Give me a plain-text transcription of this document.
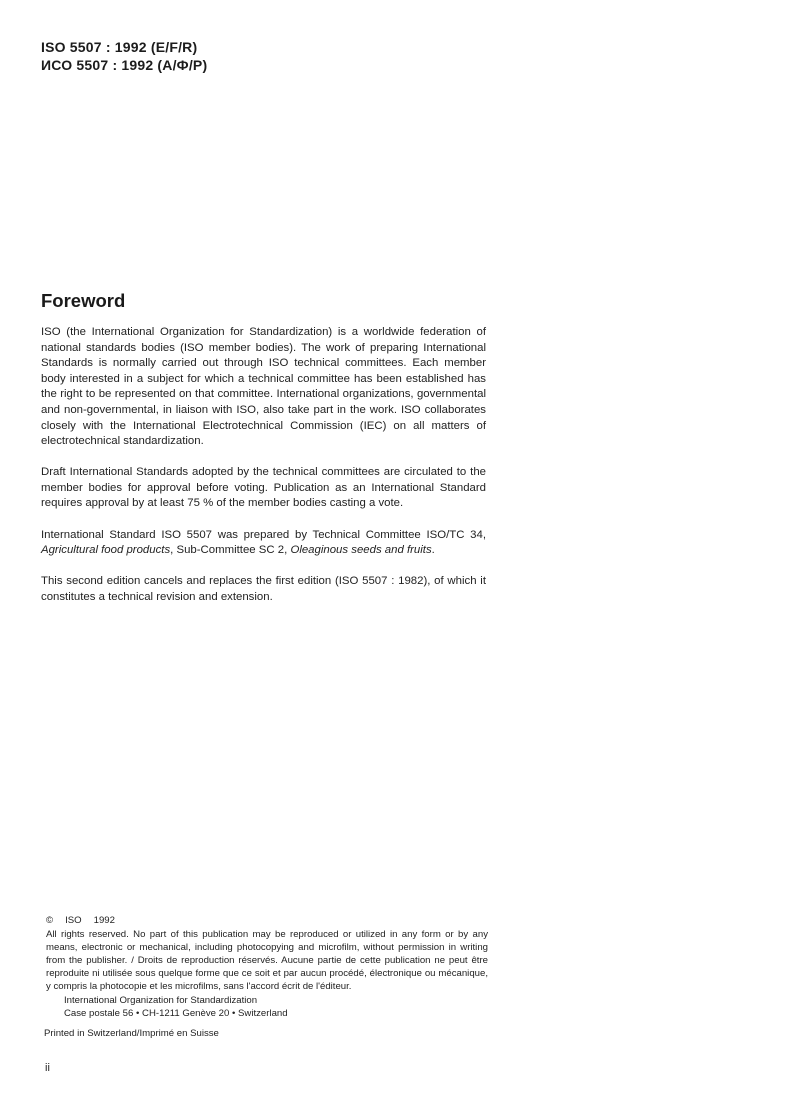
ISO 5507 : 1992 (E/F/R)
ИСО 5507 : 1992 (А/Ф/Р)
Foreword

ISO (the International Organization for Standardization) is a worldwide federation of national standards bodies (ISO member bodies). The work of preparing International Standards is normally carried out through ISO technical committees. Each member body interested in a subject for which a technical committee has been established has the right to be represented on that committee. International organizations, governmental and non-governmental, in liaison with ISO, also take part in the work. ISO collaborates closely with the International Electrotechnical Commission (IEC) on all matters of electrotechnical standardization.

Draft International Standards adopted by the technical committees are circulated to the member bodies for approval before voting. Publication as an International Standard requires approval by at least 75 % of the member bodies casting a vote.

International Standard ISO 5507 was prepared by Technical Committee ISO/TC 34, Agricultural food products, Sub-Committee SC 2, Oleaginous seeds and fruits.

This second edition cancels and replaces the first edition (ISO 5507 : 1982), of which it constitutes a technical revision and extension.

© ISO 1992

All rights reserved. No part of this publication may be reproduced or utilized in any form or by any means, electronic or mechanical, including photocopying and microfilm, without permission in writing from the publisher. / Droits de reproduction réservés. Aucune partie de cette publication ne peut être reproduite ni utilisée sous quelque forme que ce soit et par aucun procédé, électronique ou mécanique, y compris la photocopie et les microfilms, sans l'accord écrit de l'éditeur.

International Organization for Standardization
Case postale 56 • CH-1211 Genève 20 • Switzerland
Printed in Switzerland/Imprimé en Suisse
ii
